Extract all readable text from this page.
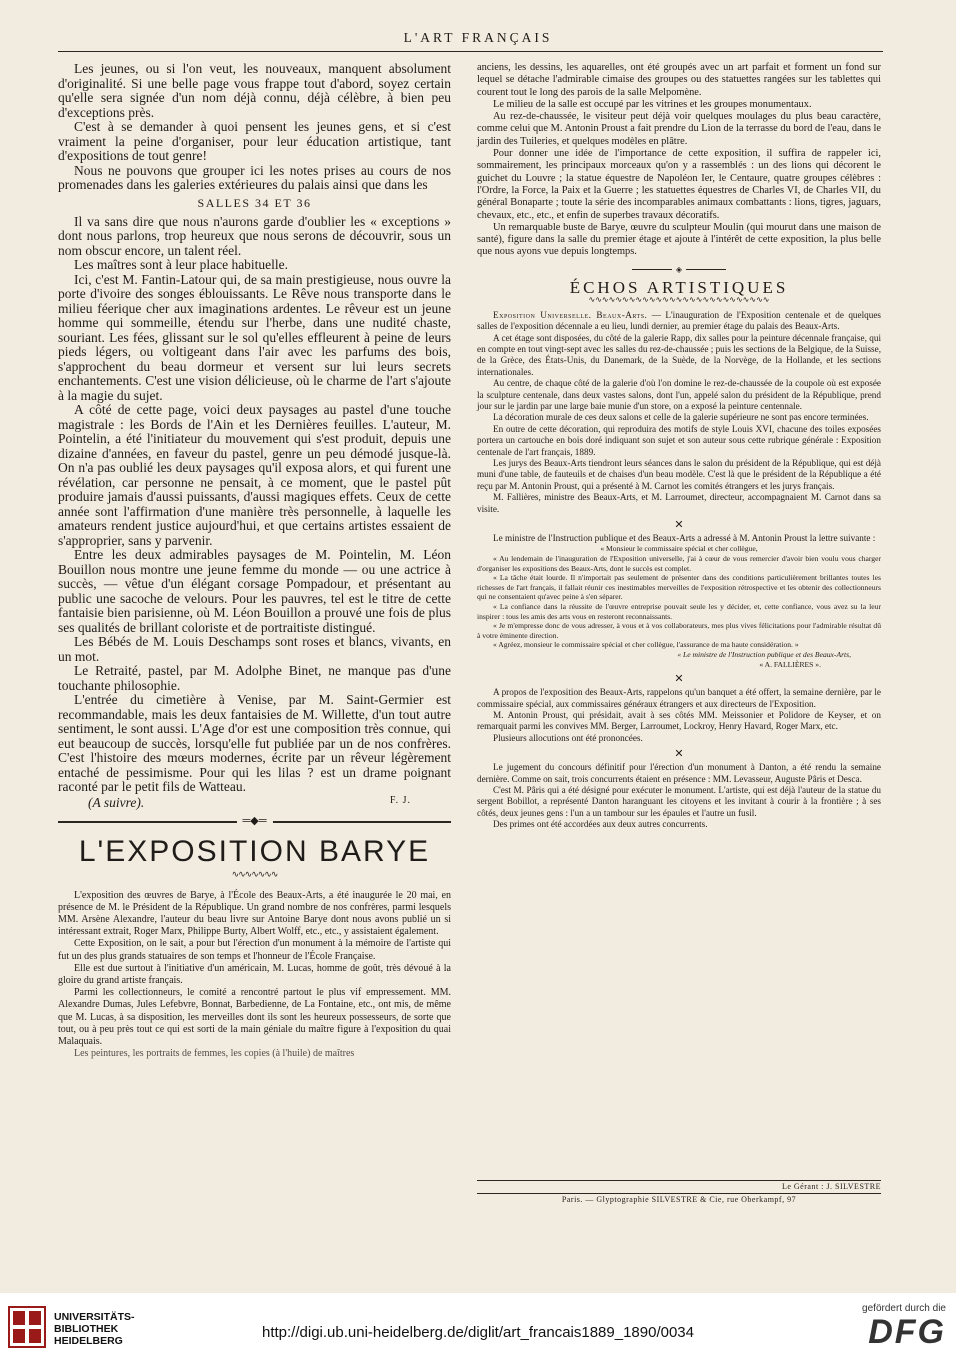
L'ART FRANÇAIS

Les jeunes, ou si l'on veut, les nouveaux, manquent absolument d'originalité. Si une belle page vous frappe tout d'abord, soyez certain qu'elle sera signée d'un nom déjà connu, déjà célèbre, à bien peu d'exceptions près.

C'est à se demander à quoi pensent les jeunes gens, et si c'est vraiment la peine d'organiser, pour leur éducation artistique, tant d'expositions de tout genre!

Nous ne pouvons que grouper ici les notes prises au cours de nos promenades dans les galeries extérieures du palais ainsi que dans les

SALLES 34 ET 36

Il va sans dire que nous n'aurons garde d'oublier les « exceptions » dont nous parlons, trop heureux que nous serons de découvrir, sous un nom obscur encore, un talent réel.

Les maîtres sont à leur place habituelle.

Ici, c'est M. Fantin-Latour qui, de sa main prestigieuse, nous ouvre la porte d'ivoire des songes éblouissants. Le Rêve nous transporte dans le milieu féerique cher aux imaginations ardentes. Le rêveur est un jeune homme qui sommeille, étendu sur l'herbe, dans une nudité chaste, souriant. Les fées, glissant sur le sol qu'elles effleurent à peine de leurs pieds légers, ou voltigeant dans l'air avec les parfums des bois, s'approchent du beau dormeur et versent sur lui leurs secrets enchantements. C'est une vision délicieuse, où le charme de l'art s'ajoute à la magie du sujet.

A côté de cette page, voici deux paysages au pastel d'une touche magistrale : les Bords de l'Ain et les Dernières feuilles. L'auteur, M. Pointelin, a été l'initiateur du mouvement qui s'est produit, depuis une dizaine d'années, en faveur du pastel, genre un peu démodé jusque-là. On n'a pas oublié les deux paysages qu'il exposa alors, et qui furent une révélation, car personne ne pensait, à ce moment, que le pastel pût produire jamais d'aussi puissants, d'aussi magiques effets. Ceux de cette année sont l'affirmation d'une manière très personnelle, à laquelle les amateurs rendent justice aujourd'hui, et que certains artistes essaient de s'approprier, sans y parvenir.

Entre les deux admirables paysages de M. Pointelin, M. Léon Bouillon nous montre une jeune femme du monde — ou une actrice à succès, — vêtue d'un élégant corsage Pompadour, et présentant au public une sacoche de velours. Pour les pauvres, tel est le titre de cette fantaisie bien parisienne, où M. Léon Bouillon a prouvé une fois de plus ses qualités de brillant coloriste et de portraitiste distingué.

Les Bébés de M. Louis Deschamps sont roses et blancs, vivants, en un mot.

Le Retraité, pastel, par M. Adolphe Binet, ne manque pas d'une touchante philosophie.

L'entrée du cimetière à Venise, par M. Saint-Germier est recommandable, mais les deux fantaisies de M. Willette, d'un tout autre sentiment, le sont aussi. L'Age d'or est une composition très connue, qui eut beaucoup de succès, lorsqu'elle fut publiée par un de nos confrères. C'est l'histoire des mœurs modernes, écrite par un rêveur légèrement entaché de pessimisme. Pour qui les lilas ? est un drame poignant raconté par le petit fils de Watteau.

(A suivre).	F. J.
═◆═
L'EXPOSITION BARYE
∿∿∿∿∿∿∿

L'exposition des œuvres de Barye, à l'École des Beaux-Arts, a été inaugurée le 20 mai, en présence de M. le Président de la République. Un grand nombre de nos confrères, parmi lesquels MM. Arsène Alexandre, l'auteur du beau livre sur Antoine Barye dont nous avons publié un si intéressant extrait, Roger Marx, Philippe Burty, Albert Wolff, etc., etc., y assistaient également.

Cette Exposition, on le sait, a pour but l'érection d'un monument à la mémoire de l'artiste qui fut un des plus grands statuaires de son temps et l'honneur de l'École Française.

Elle est due surtout à l'initiative d'un américain, M. Lucas, homme de goût, très dévoué à la gloire du grand artiste français.

Parmi les collectionneurs, le comité a rencontré partout le plus vif empressement. MM. Alexandre Dumas, Jules Lefebvre, Bonnat, Barbedienne, de La Fontaine, etc., ont mis, de même que M. Lucas, à sa disposition, les merveilles dont ils sont les heureux possesseurs, de sorte que tout, ou à peu près tout ce qui est sorti de la main géniale du maître figure à l'exposition du quai Malaquais.

Les peintures, les portraits de femmes, les copies (à l'huile) de maîtres

anciens, les dessins, les aquarelles, ont été groupés avec un art parfait et forment un fond sur lequel se détache l'admirable cimaise des groupes ou des statuettes rangées sur les tablettes qui courent tout le long des parois de la salle Melpomène.

Le milieu de la salle est occupé par les vitrines et les groupes monumentaux.

Au rez-de-chaussée, le visiteur peut déjà voir quelques moulages du plus beau caractère, comme celui que M. Antonin Proust a fait prendre du Lion de la terrasse du bord de l'eau, dans le jardin des Tuileries, et quelques modèles en plâtre.

Pour donner une idée de l'importance de cette exposition, il suffira de rappeler ici, sommairement, les principaux morceaux qu'on y a rassemblés : un des lions qui décorent le guichet du Louvre ; la statue équestre de Napoléon Ier, le Centaure, quatre groupes célèbres : l'Ordre, la Force, la Paix et la Guerre ; les statuettes équestres de Charles VI, de Charles VII, du général Bonaparte ; toute la série des incomparables animaux combattants : lions, tigres, jaguars, chevaux, etc., etc., et enfin de superbes travaux décoratifs.

Un remarquable buste de Barye, œuvre du sculpteur Moulin (qui mourut dans une maison de santé), figure dans la salle du premier étage et ajoute à l'intérêt de cette exposition, la plus belle que nous ayons vue depuis longtemps.

◈
ÉCHOS ARTISTIQUES
∿∿∿∿∿∿∿∿∿∿∿∿∿∿∿∿∿∿∿∿∿∿∿∿∿∿∿

Exposition Universelle. Beaux-Arts. — L'inauguration de l'Exposition centenale et de quelques salles de l'exposition décennale a eu lieu, lundi dernier, au premier étage du palais des Beaux-Arts.

A cet étage sont disposées, du côté de la galerie Rapp, dix salles pour la peinture décennale française, qui en compte en tout vingt-sept avec les salles du rez-de-chaussée ; puis les sections de la Belgique, de la Suisse, de la Grèce, des États-Unis, du Danemark, de la Suède, de la Norvège, de la Hollande, et les sections internationales.

Au centre, de chaque côté de la galerie d'où l'on domine le rez-de-chaussée de la coupole où est exposée la sculpture centenale, dans deux vastes salons, dont l'un, appelé salon du président de la République, prend jour sur le jardin par une large baie munie d'un store, on a exposé la peinture centennale.

La décoration murale de ces deux salons et celle de la galerie supérieure ne sont pas encore terminées.

En outre de cette décoration, qui reproduira des motifs de style Louis XVI, chacune des toiles exposées portera un cartouche en bois doré indiquant son sujet et son auteur sous cette rubrique générale : Exposition centenale de l'art français, 1889.

Les jurys des Beaux-Arts tiendront leurs séances dans le salon du président de la République, qui est déjà muni d'une table, de fauteuils et de chaises d'un beau modèle. C'est là que le président de la République a été reçu par M. Antonin Proust, qui a présenté à M. Carnot les comités étrangers et les jurys français.

M. Fallières, ministre des Beaux-Arts, et M. Larroumet, directeur, accompagnaient M. Carnot dans sa visite.

✕

Le ministre de l'Instruction publique et des Beaux-Arts a adressé à M. Antonin Proust la lettre suivante :

« Monsieur le commissaire spécial et cher collègue,

« Au lendemain de l'inauguration de l'Exposition universelle, j'ai à cœur de vous remercier d'avoir bien voulu vous charger d'organiser les expositions des Beaux-Arts, dont le succès est complet.

« La tâche était lourde. Il n'importait pas seulement de présenter dans des conditions particulièrement brillantes toutes les richesses de l'art français, il fallait réunir ces inestimables merveilles de l'exposition rétrospective et les obtenir des collectionneurs qui ne consentaient qu'avec peine à s'en séparer.

« La confiance dans la réussite de l'œuvre entreprise pouvait seule les y décider, et, cette confiance, vous avez su la leur inspirer : tous les amis des arts vous en resteront reconnaissants.

« Je m'empresse donc de vous adresser, à vous et à vos collaborateurs, mes plus vives félicitations pour l'admirable résultat dû à votre éminente direction.

« Agréez, monsieur le commissaire spécial et cher collègue, l'assurance de ma haute considération. »

« Le ministre de l'Instruction publique et des Beaux-Arts,

« A. FALLIÈRES ».

✕

A propos de l'exposition des Beaux-Arts, rappelons qu'un banquet a été offert, la semaine dernière, par le commissaire spécial, aux commissaires généraux étrangers et aux directeurs de l'Exposition.

M. Antonin Proust, qui présidait, avait à ses côtés MM. Meissonier et Polidore de Keyser, et on remarquait parmi les convives MM. Berger, Larroumet, Lockroy, Henry Havard, Roger Marx, etc.

Plusieurs allocutions ont été prononcées.

✕

Le jugement du concours définitif pour l'érection d'un monument à Danton, a été rendu la semaine dernière. Comme on sait, trois concurrents étaient en présence : MM. Levasseur, Auguste Pâris et Desca.

C'est M. Pâris qui a été désigné pour exécuter le monument. L'artiste, qui est déjà l'auteur de la statue du sergent Bobillot, a représenté Danton haranguant les citoyens et les invitant à courir à la frontière ; à ses côtés, deux jeunes gens : l'un a un tambour sur les épaules et l'autre un fusil.

Des primes ont été accordées aux deux autres concurrents.

Le Gérant : J. SILVESTRE
Paris. — Glyptographie SILVESTRE & Cie, rue Oberkampf, 97
UNIVERSITÄTS-
BIBLIOTHEK
HEIDELBERG	http://digi.ub.uni-heidelberg.de/diglit/art_francais1889_1890/0034
gefördert durch die
DFG
